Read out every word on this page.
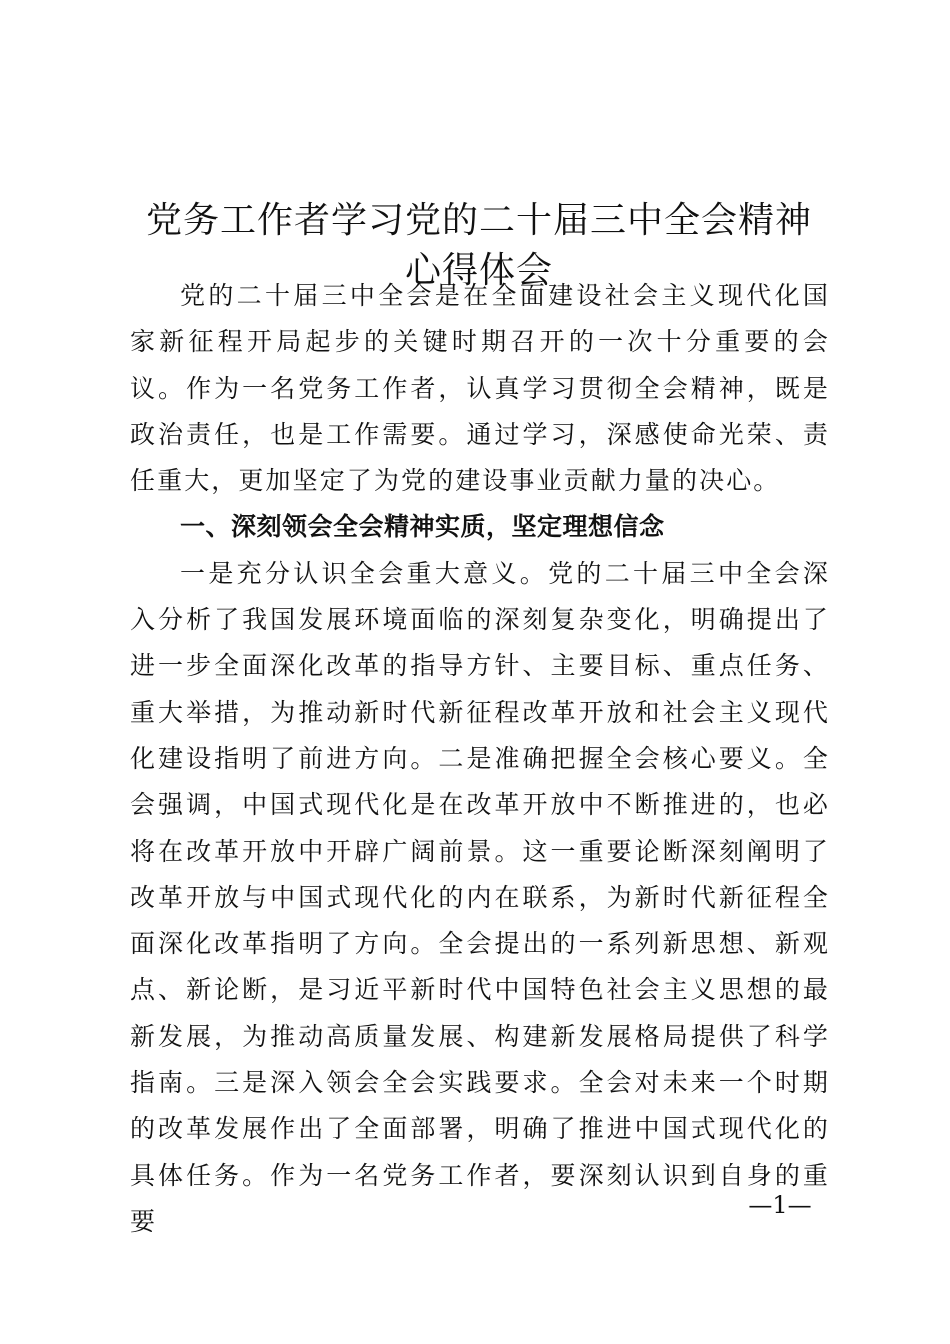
党务工作者学习党的二十届三中全会精神心得体会

党的二十届三中全会是在全面建设社会主义现代化国家新征程开局起步的关键时期召开的一次十分重要的会议。作为一名党务工作者，认真学习贯彻全会精神，既是政治责任，也是工作需要。通过学习，深感使命光荣、责任重大，更加坚定了为党的建设事业贡献力量的决心。

一、深刻领会全会精神实质，坚定理想信念

一是充分认识全会重大意义。党的二十届三中全会深入分析了我国发展环境面临的深刻复杂变化，明确提出了进一步全面深化改革的指导方针、主要目标、重点任务、重大举措，为推动新时代新征程改革开放和社会主义现代化建设指明了前进方向。二是准确把握全会核心要义。全会强调，中国式现代化是在改革开放中不断推进的，也必将在改革开放中开辟广阔前景。这一重要论断深刻阐明了改革开放与中国式现代化的内在联系，为新时代新征程全面深化改革指明了方向。全会提出的一系列新思想、新观点、新论断，是习近平新时代中国特色社会主义思想的最新发展，为推动高质量发展、构建新发展格局提供了科学指南。三是深入领会全会实践要求。全会对未来一个时期的改革发展作出了全面部署，明确了推进中国式现代化的具体任务。作为一名党务工作者，要深刻认识到自身的重要

—1—
